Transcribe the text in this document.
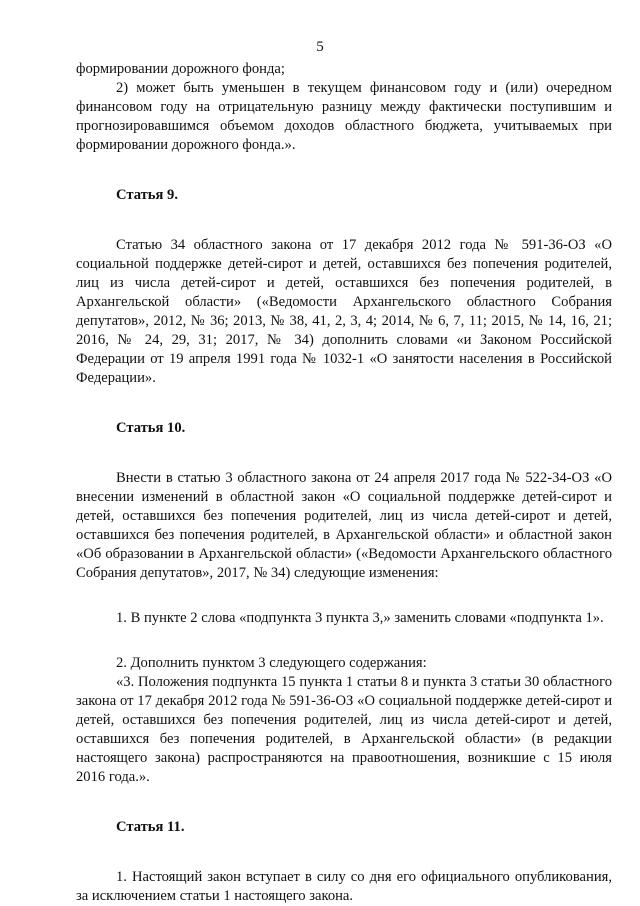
5

формировании дорожного фонда;

2) может быть уменьшен в текущем финансовом году и (или) очередном финансовом году на отрицательную разницу между фактически поступившим и прогнозировавшимся объемом доходов областного бюджета, учитываемых при формировании дорожного фонда.».

Статья 9.

Статью 34 областного закона от 17 декабря 2012 года № 591-36-ОЗ «О социальной поддержке детей-сирот и детей, оставшихся без попечения родителей, лиц из числа детей-сирот и детей, оставшихся без попечения родителей, в Архангельской области» («Ведомости Архангельского областного Собрания депутатов», 2012, № 36; 2013, № 38, 41, 2, 3, 4; 2014, № 6, 7, 11; 2015, № 14, 16, 21; 2016, № 24, 29, 31; 2017, № 34) дополнить словами «и Законом Российской Федерации от 19 апреля 1991 года № 1032-1 «О занятости населения в Российской Федерации».

Статья 10.

Внести в статью 3 областного закона от 24 апреля 2017 года № 522-34-ОЗ «О внесении изменений в областной закон «О социальной поддержке детей-сирот и детей, оставшихся без попечения родителей, лиц из числа детей-сирот и детей, оставшихся без попечения родителей, в Архангельской области» и областной закон «Об образовании в Архангельской области» («Ведомости Архангельского областного Собрания депутатов», 2017, № 34) следующие изменения:

1. В пункте 2 слова «подпункта 3 пункта 3,» заменить словами «подпункта 1».

2. Дополнить пунктом 3 следующего содержания:

«3. Положения подпункта 15 пункта 1 статьи 8 и пункта 3 статьи 30 областного закона от 17 декабря 2012 года № 591-36-ОЗ «О социальной поддержке детей-сирот и детей, оставшихся без попечения родителей, лиц из числа детей-сирот и детей, оставшихся без попечения родителей, в Архангельской области» (в редакции настоящего закона) распространяются на правоотношения, возникшие с 15 июля 2016 года.».

Статья 11.

1. Настоящий закон вступает в силу со дня его официального опубликования, за исключением статьи 1 настоящего закона.
